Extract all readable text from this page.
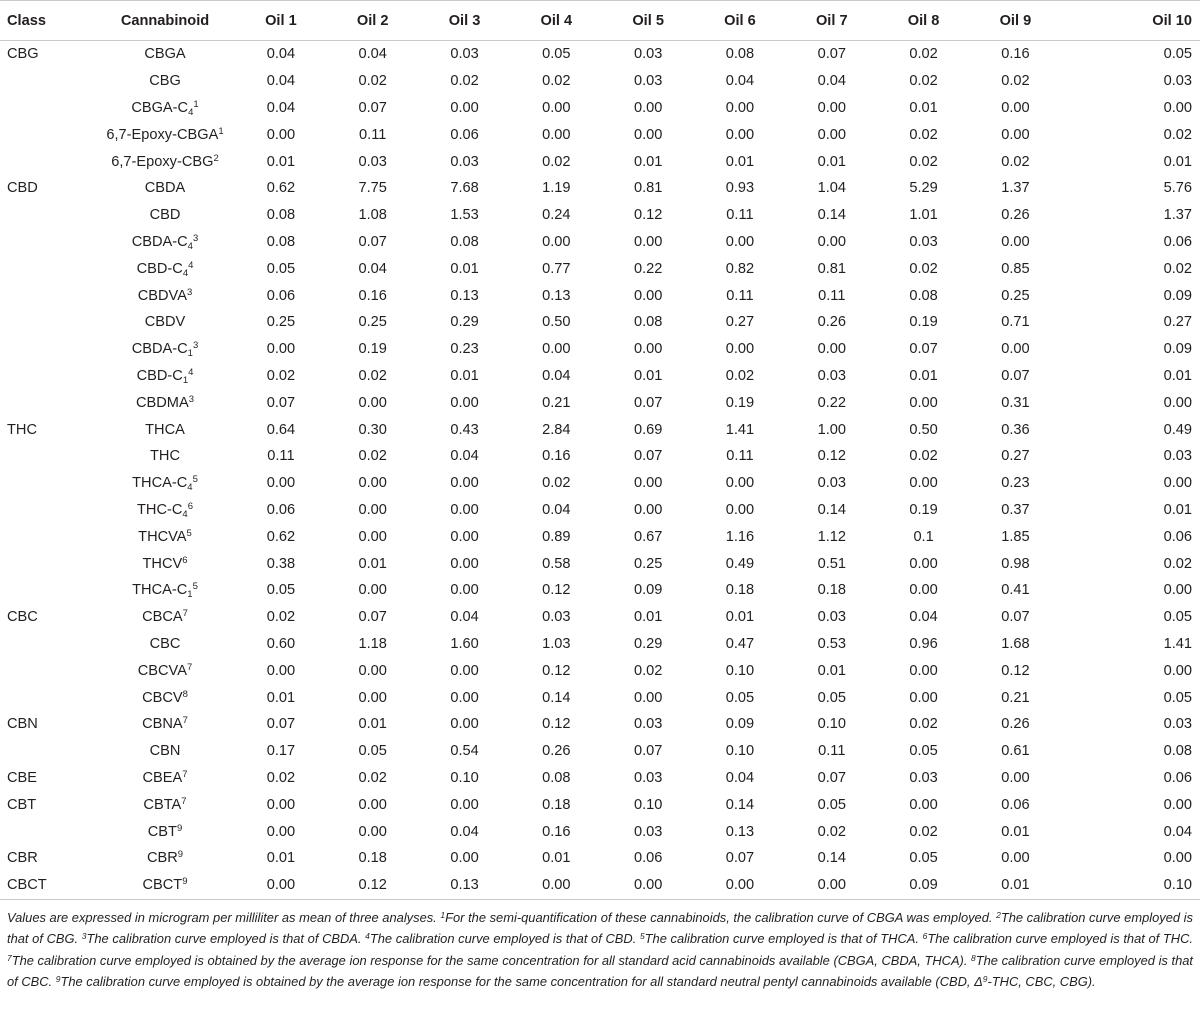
Class	Cannabinoid	Oil 1	Oil 2	Oil 3	Oil 4	Oil 5	Oil 6	Oil 7	Oil 8	Oil 9	Oil 10
CBG	CBGA	0.04	0.04	0.03	0.05	0.03	0.08	0.07	0.02	0.16	0.05
	CBG	0.04	0.02	0.02	0.02	0.03	0.04	0.04	0.02	0.02	0.03
	CBGA-$C_4^1$	0.04	0.07	0.00	0.00	0.00	0.00	0.00	0.01	0.00	0.00
	6,7-Epoxy-CBGA$^1$	0.00	0.11	0.06	0.00	0.00	0.00	0.00	0.02	0.00	0.02
	6,7-Epoxy-CBG$^2$	0.01	0.03	0.03	0.02	0.01	0.01	0.01	0.02	0.02	0.01
CBD	CBDA	0.62	7.75	7.68	1.19	0.81	0.93	1.04	5.29	1.37	5.76
	CBD	0.08	1.08	1.53	0.24	0.12	0.11	0.14	1.01	0.26	1.37
	CBDA-$C_4^3$	0.08	0.07	0.08	0.00	0.00	0.00	0.00	0.03	0.00	0.06
	CBD-$C_4^4$	0.05	0.04	0.01	0.77	0.22	0.82	0.81	0.02	0.85	0.02
	CBDVA$^3$	0.06	0.16	0.13	0.13	0.00	0.11	0.11	0.08	0.25	0.09
	CBDV	0.25	0.25	0.29	0.50	0.08	0.27	0.26	0.19	0.71	0.27
	CBDA-$C_1^3$	0.00	0.19	0.23	0.00	0.00	0.00	0.00	0.07	0.00	0.09
	CBD-$C_1^4$	0.02	0.02	0.01	0.04	0.01	0.02	0.03	0.01	0.07	0.01
	CBDMA$^3$	0.07	0.00	0.00	0.21	0.07	0.19	0.22	0.00	0.31	0.00
THC	THCA	0.64	0.30	0.43	2.84	0.69	1.41	1.00	0.50	0.36	0.49
	THC	0.11	0.02	0.04	0.16	0.07	0.11	0.12	0.02	0.27	0.03
	THCA-$C_4^5$	0.00	0.00	0.00	0.02	0.00	0.00	0.03	0.00	0.23	0.00
	THC-$C_4^6$	0.06	0.00	0.00	0.04	0.00	0.00	0.14	0.19	0.37	0.01
	THCVA$^5$	0.62	0.00	0.00	0.89	0.67	1.16	1.12	0.1	1.85	0.06
	THCV$^6$	0.38	0.01	0.00	0.58	0.25	0.49	0.51	0.00	0.98	0.02
	THCA-$C_1^5$	0.05	0.00	0.00	0.12	0.09	0.18	0.18	0.00	0.41	0.00
CBC	CBCA$^7$	0.02	0.07	0.04	0.03	0.01	0.01	0.03	0.04	0.07	0.05
	CBC	0.60	1.18	1.60	1.03	0.29	0.47	0.53	0.96	1.68	1.41
	CBCVA$^7$	0.00	0.00	0.00	0.12	0.02	0.10	0.01	0.00	0.12	0.00
	CBCV$^8$	0.01	0.00	0.00	0.14	0.00	0.05	0.05	0.00	0.21	0.05
CBN	CBNA$^7$	0.07	0.01	0.00	0.12	0.03	0.09	0.10	0.02	0.26	0.03
	CBN	0.17	0.05	0.54	0.26	0.07	0.10	0.11	0.05	0.61	0.08
CBE	CBEA$^7$	0.02	0.02	0.10	0.08	0.03	0.04	0.07	0.03	0.00	0.06
CBT	CBTA$^7$	0.00	0.00	0.00	0.18	0.10	0.14	0.05	0.00	0.06	0.00
	CBT$^9$	0.00	0.00	0.04	0.16	0.03	0.13	0.02	0.02	0.01	0.04
CBR	CBR$^9$	0.01	0.18	0.00	0.01	0.06	0.07	0.14	0.05	0.00	0.00
CBCT	CBCT$^9$	0.00	0.12	0.13	0.00	0.00	0.00	0.00	0.09	0.01	0.10

Values are expressed in microgram per milliliter as mean of three analyses. $^1$For the semi-quantification of these cannabinoids, the calibration curve of CBGA was employed. $^2$The calibration curve employed is that of CBG. $^3$The calibration curve employed is that of CBDA. $^4$The calibration curve employed is that of CBD. $^5$The calibration curve employed is that of THCA. $^6$The calibration curve employed is that of THC. $^7$The calibration curve employed is obtained by the average ion response for the same concentration for all standard acid cannabinoids available (CBGA, CBDA, THCA). $^8$The calibration curve employed is that of CBC. $^9$The calibration curve employed is obtained by the average ion response for the same concentration for all standard neutral pentyl cannabinoids available (CBD, $\Delta^9$-THC, CBC, CBG).
